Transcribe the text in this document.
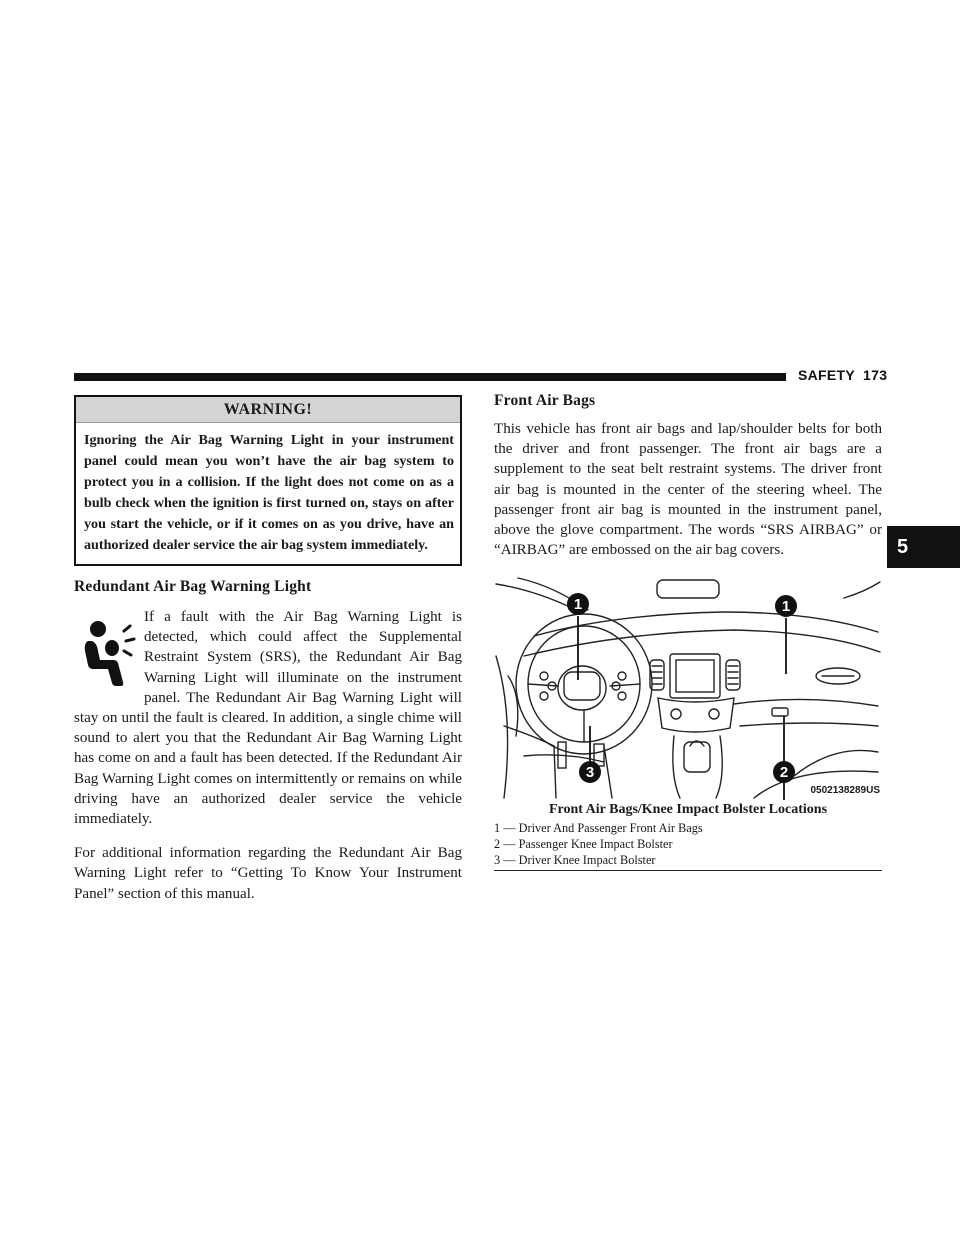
SAFETY 173
5
WARNING!

Ignoring the Air Bag Warning Light in your instrument panel could mean you won’t have the air bag system to protect you in a collision. If the light does not come on as a bulb check when the ignition is first turned on, stays on after you start the vehicle, or if it comes on as you drive, have an authorized dealer service the air bag system immediately.

Redundant Air Bag Warning Light

If a fault with the Air Bag Warning Light is detected, which could affect the Supplemental Restraint System (SRS), the Redundant Air Bag Warning Light will illuminate on the instrument panel. The Redundant Air Bag Warning Light will stay on until the fault is cleared. In addition, a single chime will sound to alert you that the Redundant Air Bag Warning Light has come on and a fault has been detected. If the Redundant Air Bag Warning Light comes on intermittently or remains on while driving have an authorized dealer service the vehicle immediately.

For additional information regarding the Redundant Air Bag Warning Light refer to “Getting To Know Your Instrument Panel” section of this manual.

Front Air Bags

This vehicle has front air bags and lap/shoulder belts for both the driver and front passenger. The front air bags are a supplement to the seat belt restraint systems. The driver front air bag is mounted in the center of the steering wheel. The passenger front air bag is mounted in the instrument panel, above the glove compartment. The words “SRS AIRBAG” or “AIRBAG” are embossed on the air bag covers.

1	1
2
3
0502138289US
Front Air Bags/Knee Impact Bolster Locations
1 — Driver And Passenger Front Air Bags
2 — Passenger Knee Impact Bolster
3 — Driver Knee Impact Bolster
